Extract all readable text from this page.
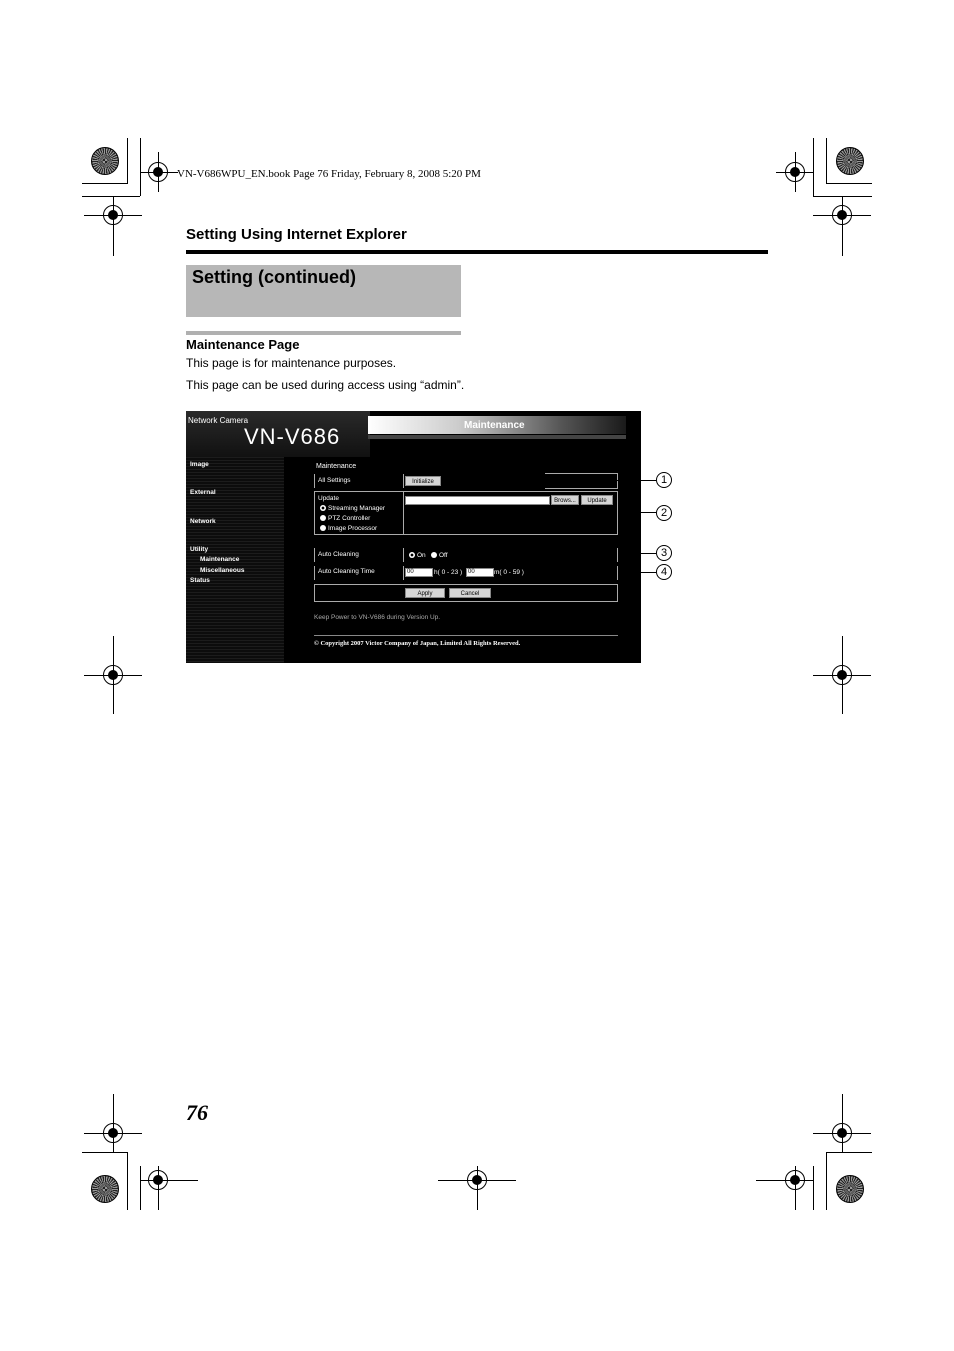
VN-V686WPU_EN.book Page 76 Friday, February 8, 2008 5:20 PM
Setting Using Internet Explorer
Setting (continued)
Maintenance Page
This page is for maintenance purposes.
This page can be used during access using “admin”.
Network Camera
VN-V686	Maintenance
Image
External
Network
Utility
Maintenance
Miscellaneous
Status
Maintenance
All Settings	Initialize
Update
Streaming Manager
PTZ Controller
Image Processor
Brows...	Update
Auto Cleaning	On	Off
Auto Cleaning Time	00	h( 0 - 23 ) 00	m( 0 - 59 )
Apply	Cancel
Keep Power to VN-V686 during Version Up.
© Copyright 2007 Victor Company of Japan, Limited All Rights Reserved.
1
2
3
4
76
